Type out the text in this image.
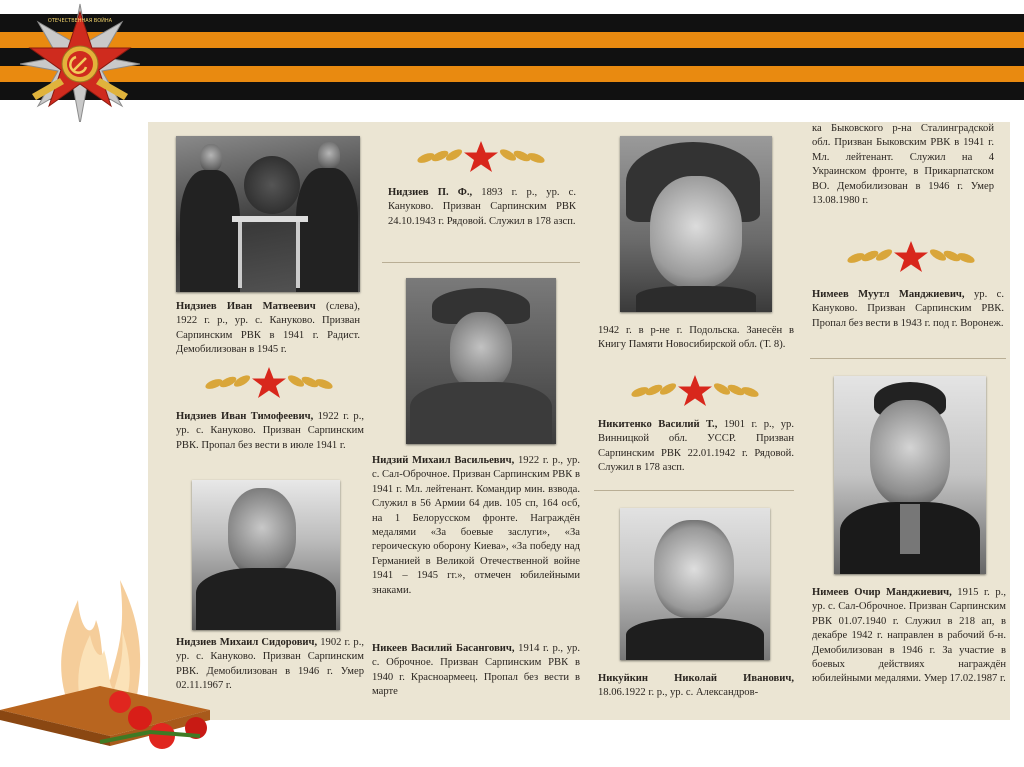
ОТЕЧЕСТВЕННАЯ ВОЙНА
Нидзиев Иван Матвеевич (слева), 1922 г. р., ур. с. Кануково. Призван Сарпинским РВК в 1941 г. Радист. Демобилизован в 1945 г.
Нидзиев Иван Тимофеевич, 1922 г. р., ур. с. Кануково. Призван Сарпинским РВК. Пропал без вести в июле 1941 г.
Нидзиев Михаил Сидорович, 1902 г. р., ур. с. Кануково. Призван Сарпинским РВК. Демобилизован в 1946 г. Умер 02.11.1967 г.
Нидзиев П. Ф., 1893 г. р., ур. с. Кануково. Призван Сарпинским РВК 24.10.1943 г. Рядовой. Служил в 178 азсп.
Нидзий Михаил Васильевич, 1922 г. р., ур. с. Сал-Оброчное. Призван Сарпинским РВК в 1941 г. Мл. лейтенант. Командир мин. взвода. Служил в 56 Армии 64 див. 105 сп, 164 осб, на 1 Белорусском фронте. Награждён медалями «За боевые заслуги», «За героическую оборону Киева», «За победу над Германией в Великой Отечественной войне 1941 – 1945 гг.», отмечен юбилейными знаками.
Никеев Василий Басангович, 1914 г. р., ур. с. Оброчное. Призван Сарпинским РВК в 1940 г. Красноармеец. Пропал без вести в марте
1942 г. в р-не г. Подольска. Занесён в Книгу Памяти Новосибирской обл. (Т. 8).
Никитенко Василий Т., 1901 г. р., ур. Винницкой обл. УССР. Призван Сарпинским РВК 22.01.1942 г. Рядовой. Служил в 178 азсп.
Никуйкин Николай Иванович, 18.06.1922 г. р., ур. с. Александров-
ка Быковского р-на Сталинградской обл. Призван Быковским РВК в 1941 г. Мл. лейтенант. Служил на 4 Украинском фронте, в Прикарпатском ВО. Демобилизован в 1946 г. Умер 13.08.1980 г.
Нимеев Муутл Манджиевич, ур. с. Кануково. Призван Сарпинским РВК. Пропал без вести в 1943 г. под г. Воронеж.
Нимеев Очир Манджиевич, 1915 г. р., ур. с. Сал-Оброчное. Призван Сарпинским РВК 01.07.1940 г. Служил в 218 ап, в декабре 1942 г. направлен в рабочий б-н. Демобилизован в 1946 г. За участие в боевых действиях награждён юбилейными медалями. Умер 17.02.1987 г.
